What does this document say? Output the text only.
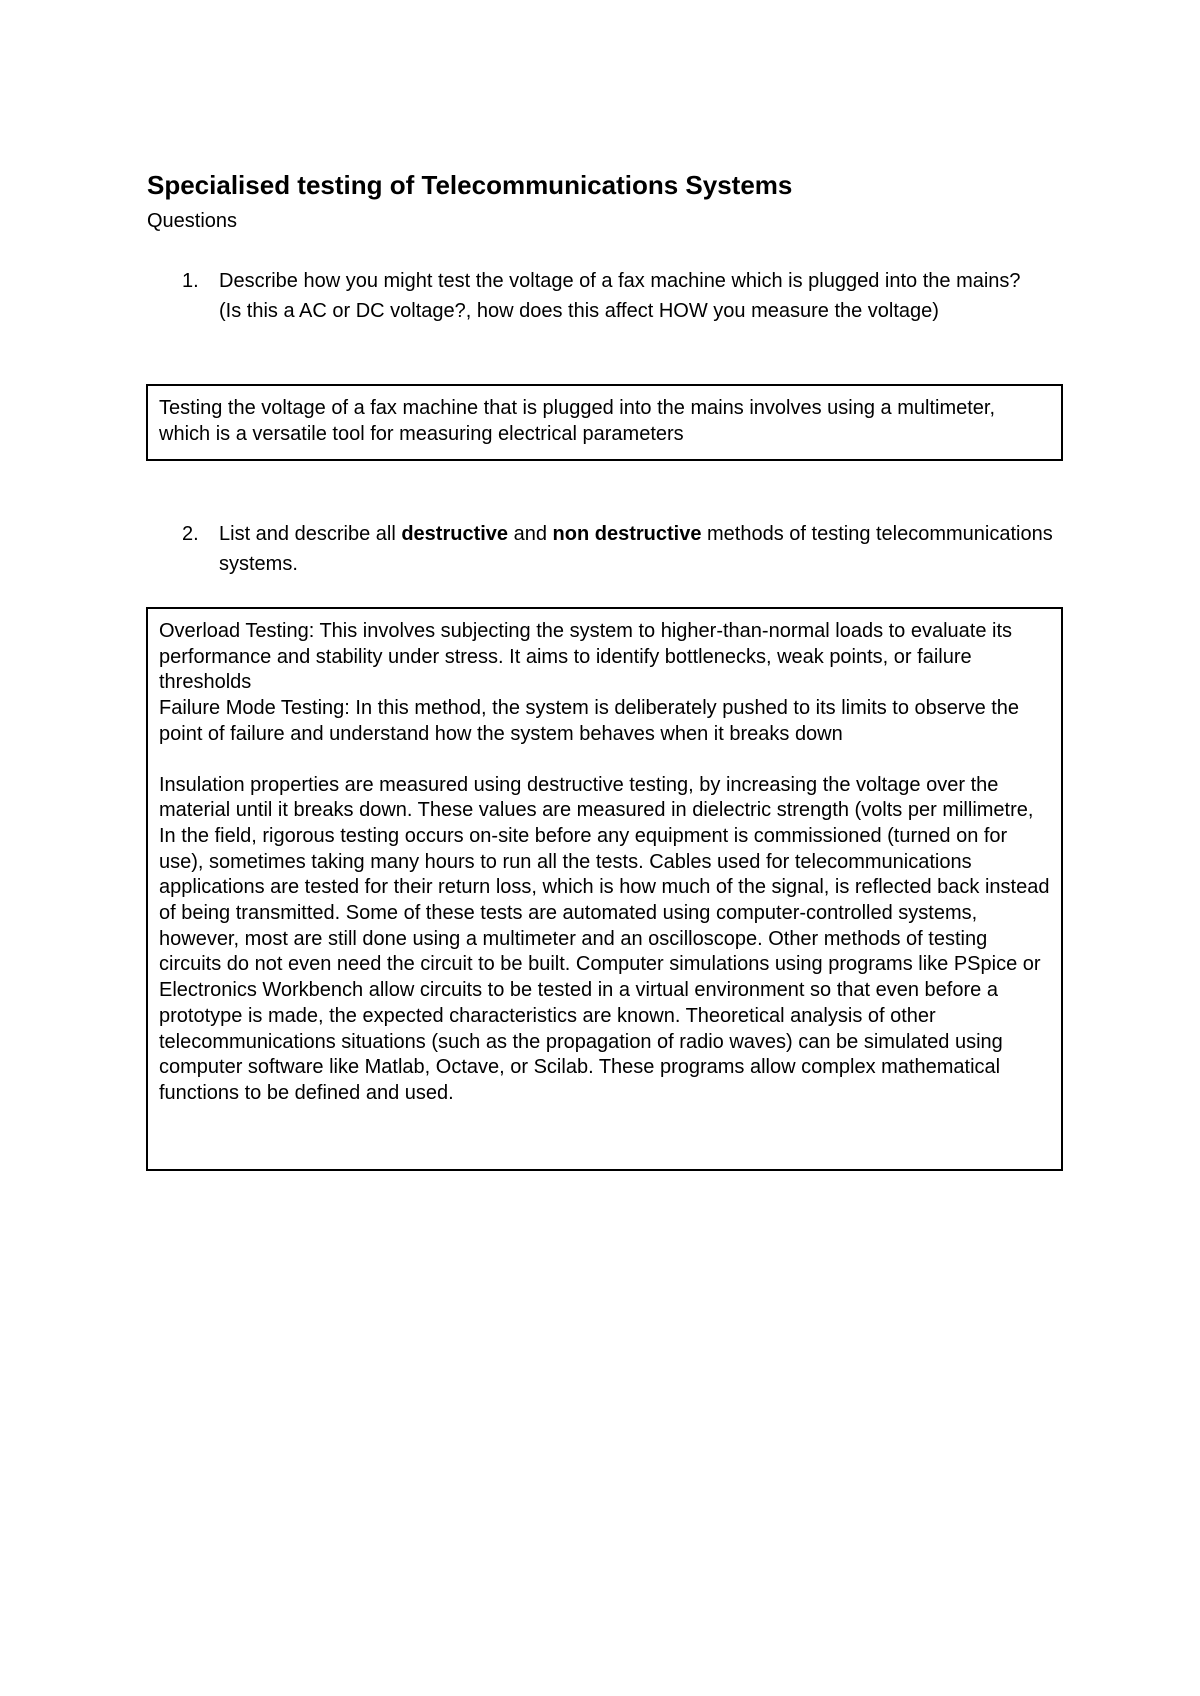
Specialised testing of Telecommunications Systems

Questions

1. Describe how you might test the voltage of a fax machine which is plugged into the mains?
(Is this a AC or DC voltage?, how does this affect HOW you measure the voltage)

Testing the voltage of a fax machine that is plugged into the mains involves using a multimeter, which is a versatile tool for measuring electrical parameters

2. List and describe all destructive and non destructive methods of testing telecommunications systems.

Overload Testing: This involves subjecting the system to higher-than-normal loads to evaluate its performance and stability under stress. It aims to identify bottlenecks, weak points, or failure thresholds

Failure Mode Testing: In this method, the system is deliberately pushed to its limits to observe the point of failure and understand how the system behaves when it breaks down

Insulation properties are measured using destructive testing, by increasing the voltage over the material until it breaks down. These values are measured in dielectric strength (volts per millimetre, In the field, rigorous testing occurs on-site before any equipment is commissioned (turned on for use), sometimes taking many hours to run all the tests. Cables used for telecommunications applications are tested for their return loss, which is how much of the signal, is reflected back instead of being transmitted. Some of these tests are automated using computer-controlled systems, however, most are still done using a multimeter and an oscilloscope. Other methods of testing circuits do not even need the circuit to be built. Computer simulations using programs like PSpice or Electronics Workbench allow circuits to be tested in a virtual environment so that even before a prototype is made, the expected characteristics are known. Theoretical analysis of other telecommunications situations (such as the propagation of radio waves) can be simulated using computer software like Matlab, Octave, or Scilab. These programs allow complex mathematical functions to be defined and used.
